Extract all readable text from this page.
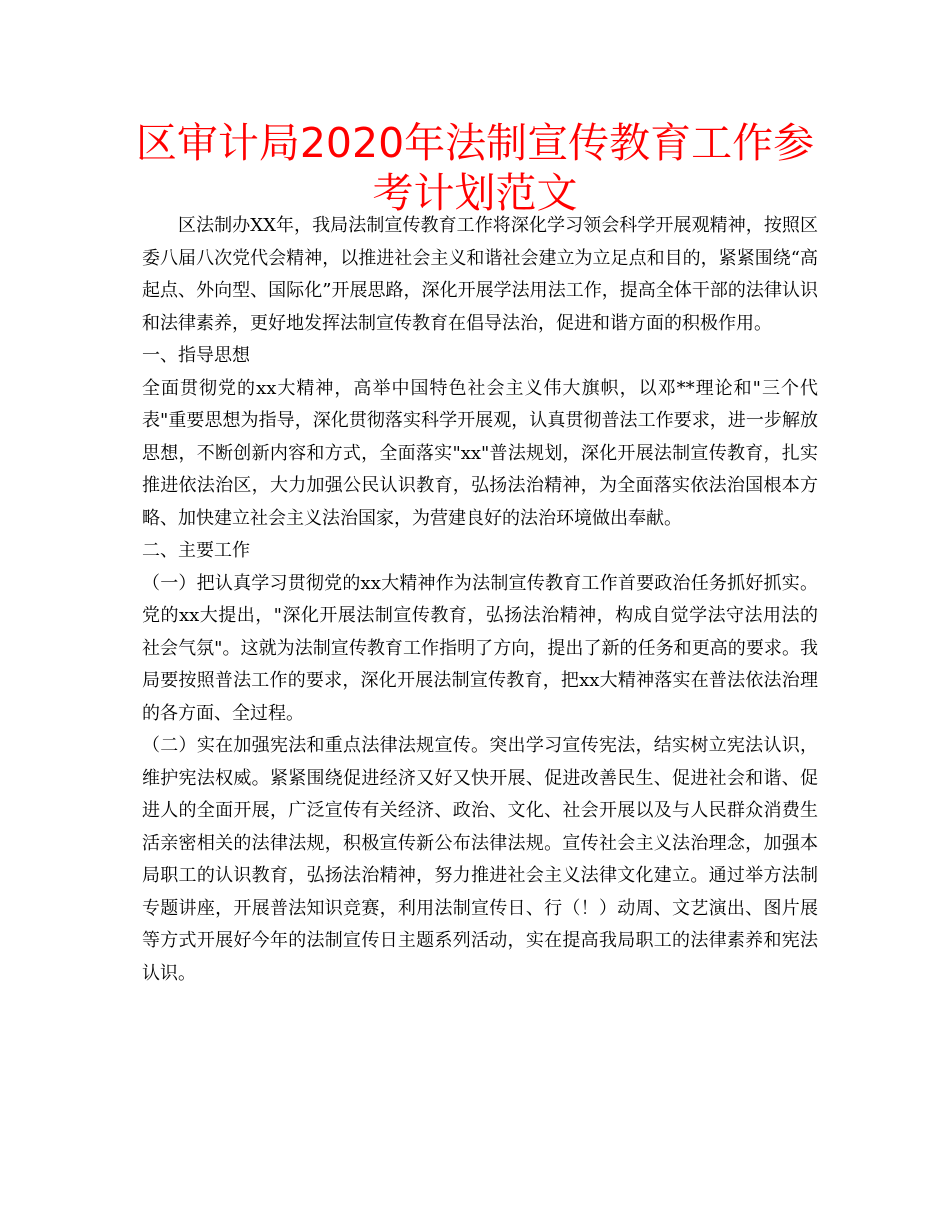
区审计局2020年法制宣传教育工作参考计划范文

区法制办XX年，我局法制宣传教育工作将深化学习领会科学开展观精神，按照区委八届八次党代会精神，以推进社会主义和谐社会建立为立足点和目的，紧紧围绕“高起点、外向型、国际化”开展思路，深化开展学法用法工作，提高全体干部的法律认识和法律素养，更好地发挥法制宣传教育在倡导法治，促进和谐方面的积极作用。

一、指导思想

全面贯彻党的xx大精神，高举中国特色社会主义伟大旗帜，以邓**理论和"三个代表"重要思想为指导，深化贯彻落实科学开展观，认真贯彻普法工作要求，进一步解放思想，不断创新内容和方式，全面落实"xx"普法规划，深化开展法制宣传教育，扎实推进依法治区，大力加强公民认识教育，弘扬法治精神，为全面落实依法治国根本方略、加快建立社会主义法治国家，为营建良好的法治环境做出奉献。

二、主要工作

（一）把认真学习贯彻党的xx大精神作为法制宣传教育工作首要政治任务抓好抓实。党的xx大提出，"深化开展法制宣传教育，弘扬法治精神，构成自觉学法守法用法的社会气氛"。这就为法制宣传教育工作指明了方向，提出了新的任务和更高的要求。我局要按照普法工作的要求，深化开展法制宣传教育，把xx大精神落实在普法依法治理的各方面、全过程。

（二）实在加强宪法和重点法律法规宣传。突出学习宣传宪法，结实树立宪法认识，维护宪法权威。紧紧围绕促进经济又好又快开展、促进改善民生、促进社会和谐、促进人的全面开展，广泛宣传有关经济、政治、文化、社会开展以及与人民群众消费生活亲密相关的法律法规，积极宣传新公布法律法规。宣传社会主义法治理念，加强本局职工的认识教育，弘扬法治精神，努力推进社会主义法律文化建立。通过举方法制专题讲座，开展普法知识竞赛，利用法制宣传日、行（！）动周、文艺演出、图片展等方式开展好今年的法制宣传日主题系列活动，实在提高我局职工的法律素养和宪法认识。
